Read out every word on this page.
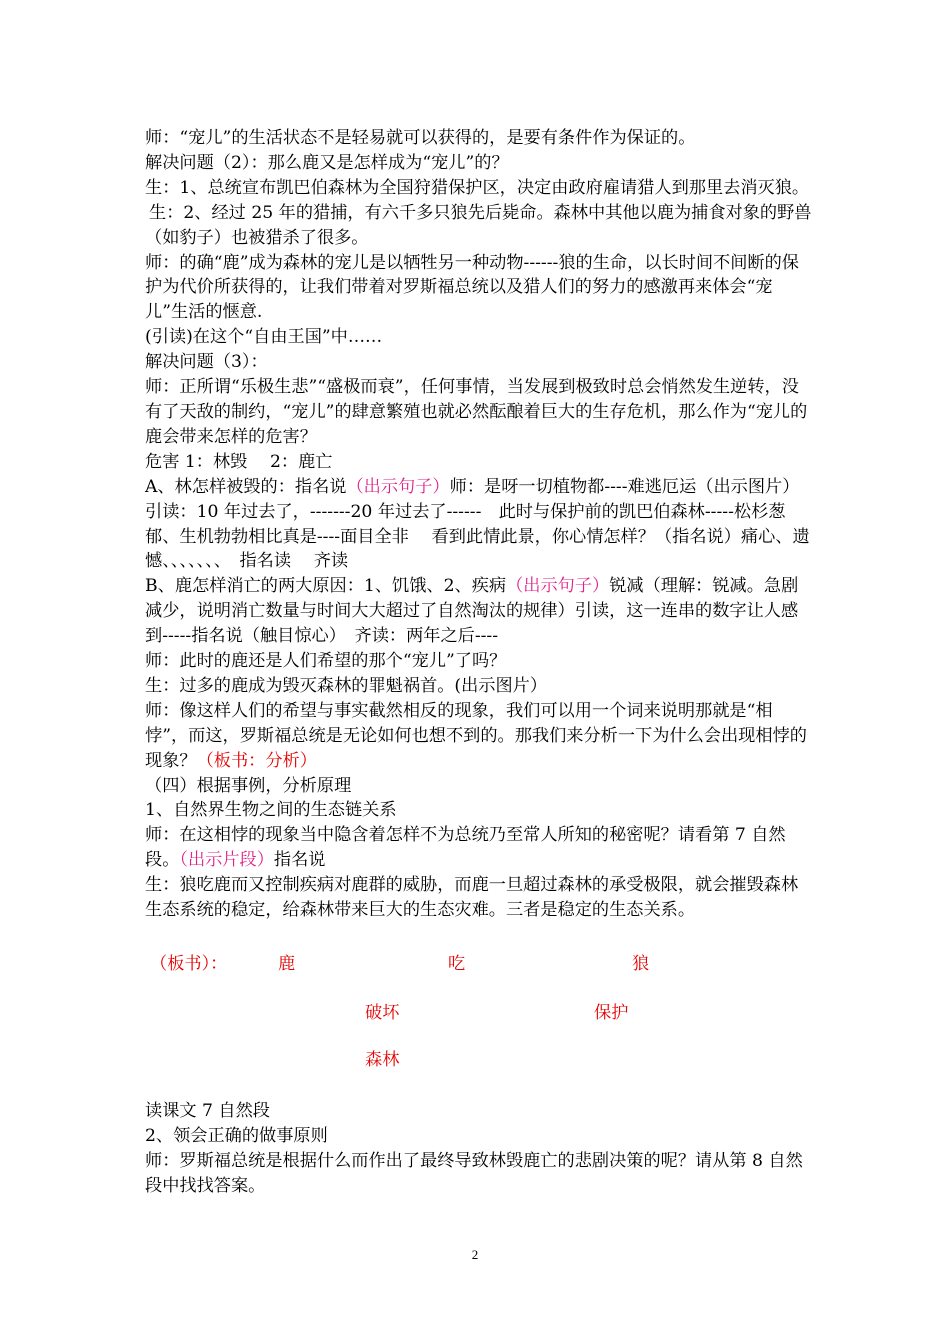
师：“宠儿”的生活状态不是轻易就可以获得的，是要有条件作为保证的。

解决问题（2）：那么鹿又是怎样成为“宠儿”的？

生：1、总统宣布凯巴伯森林为全国狩猎保护区，决定由政府雇请猎人到那里去消灭狼。

生：2、经过 25 年的猎捕，有六千多只狼先后毙命。森林中其他以鹿为捕食对象的野兽（如豹子）也被猎杀了很多。

师：的确“鹿”成为森林的宠儿是以牺牲另一种动物------狼的生命，以长时间不间断的保护为代价所获得的，让我们带着对罗斯福总统以及猎人们的努力的感激再来体会“宠儿”生活的惬意.

(引读)在这个“自由王国”中……

解决问题（3）：

师：正所谓“乐极生悲”“盛极而衰”，任何事情，当发展到极致时总会悄然发生逆转，没有了天敌的制约，“宠儿”的肆意繁殖也就必然酝酿着巨大的生存危机，那么作为“宠儿的鹿会带来怎样的危害？

危害 1：林毁　 2：鹿亡

A、林怎样被毁的：指名说（出示句子）师：是呀一切植物都----难逃厄运（出示图片）引读：10 年过去了，-------20 年过去了------　此时与保护前的凯巴伯森林-----松杉葱郁、生机勃勃相比真是----面目全非　 看到此情此景，你心情怎样？（指名说）痛心、遗憾、、、、、、、　指名读　 齐读

B、鹿怎样消亡的两大原因：1、饥饿、2、疾病（出示句子）锐减（理解：锐减。急剧减少，说明消亡数量与时间大大超过了自然淘汰的规律）引读，这一连串的数字让人感到-----指名说（触目惊心）　齐读：两年之后----

师：此时的鹿还是人们希望的那个“宠儿”了吗？

生：过多的鹿成为毁灭森林的罪魁祸首。(出示图片）

师：像这样人们的希望与事实截然相反的现象，我们可以用一个词来说明那就是“相悖”，而这，罗斯福总统是无论如何也想不到的。那我们来分析一下为什么会出现相悖的现象？（板书：分析）

（四）根据事例，分析原理

1、自然界生物之间的生态链关系

师：在这相悖的现象当中隐含着怎样不为总统乃至常人所知的秘密呢？请看第 7 自然段。（出示片段）指名说

生：狼吃鹿而又控制疾病对鹿群的威胁，而鹿一旦超过森林的承受极限，就会摧毁森林生态系统的稳定，给森林带来巨大的生态灾难。三者是稳定的生态关系。

（板书）：	鹿	吃	狼
破坏	保护
森林

读课文 7 自然段

2、领会正确的做事原则

师：罗斯福总统是根据什么而作出了最终导致林毁鹿亡的悲剧决策的呢？请从第 8 自然段中找找答案。

2
